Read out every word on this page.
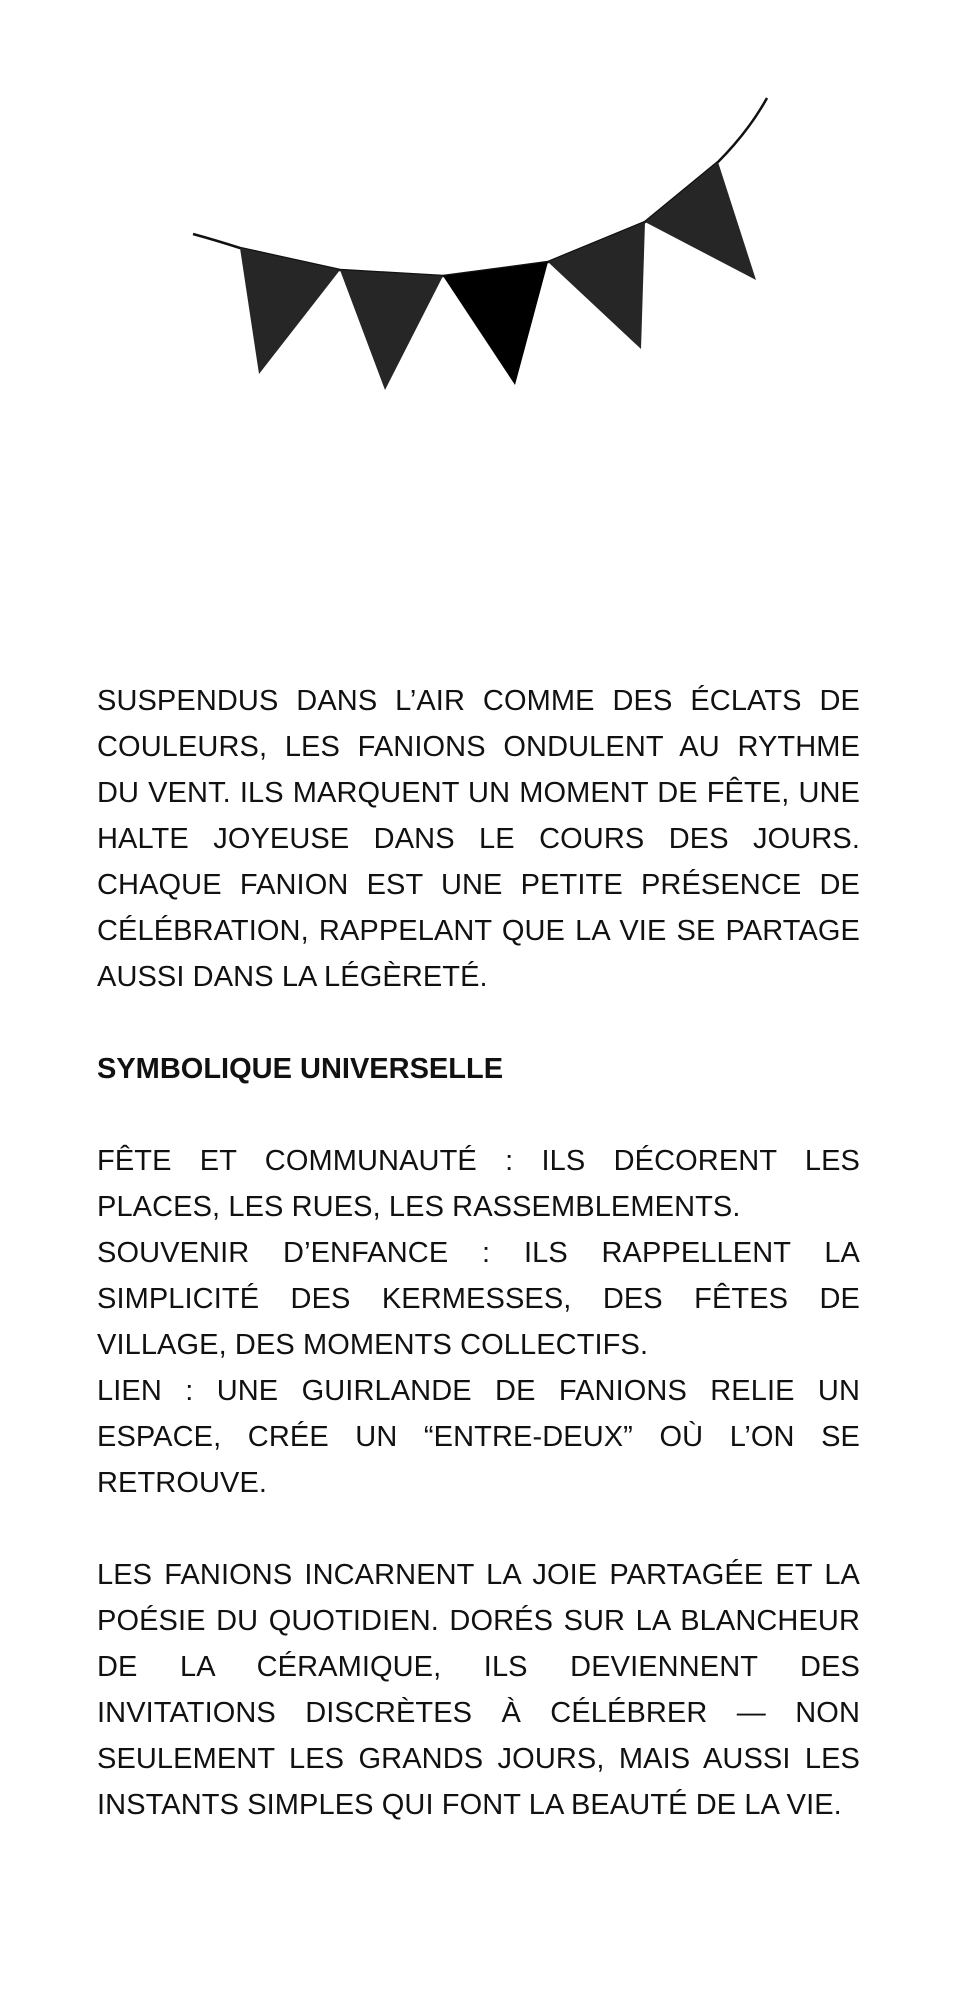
SUSPENDUS DANS L’AIR COMME DES ÉCLATS DE COULEURS, LES FANIONS ONDULENT AU RYTHME DU VENT. ILS MARQUENT UN MOMENT DE FÊTE, UNE HALTE JOYEUSE DANS LE COURS DES JOURS. CHAQUE FANION EST UNE PETITE PRÉSENCE DE CÉLÉBRATION, RAPPELANT QUE LA VIE SE PARTAGE AUSSI DANS LA LÉGÈRETÉ.

SYMBOLIQUE UNIVERSELLE

FÊTE ET COMMUNAUTÉ : ILS DÉCORENT LES PLACES, LES RUES, LES RASSEMBLEMENTS.

SOUVENIR D’ENFANCE : ILS RAPPELLENT LA SIMPLICITÉ DES KERMESSES, DES FÊTES DE VILLAGE, DES MOMENTS COLLECTIFS.

LIEN : UNE GUIRLANDE DE FANIONS RELIE UN ESPACE, CRÉE UN “ENTRE-DEUX” OÙ L’ON SE RETROUVE.

LES FANIONS INCARNENT LA JOIE PARTAGÉE ET LA POÉSIE DU QUOTIDIEN. DORÉS SUR LA BLANCHEUR DE LA CÉRAMIQUE, ILS DEVIENNENT DES INVITATIONS DISCRÈTES À CÉLÉBRER — NON SEULEMENT LES GRANDS JOURS, MAIS AUSSI LES INSTANTS SIMPLES QUI FONT LA BEAUTÉ DE LA VIE.
